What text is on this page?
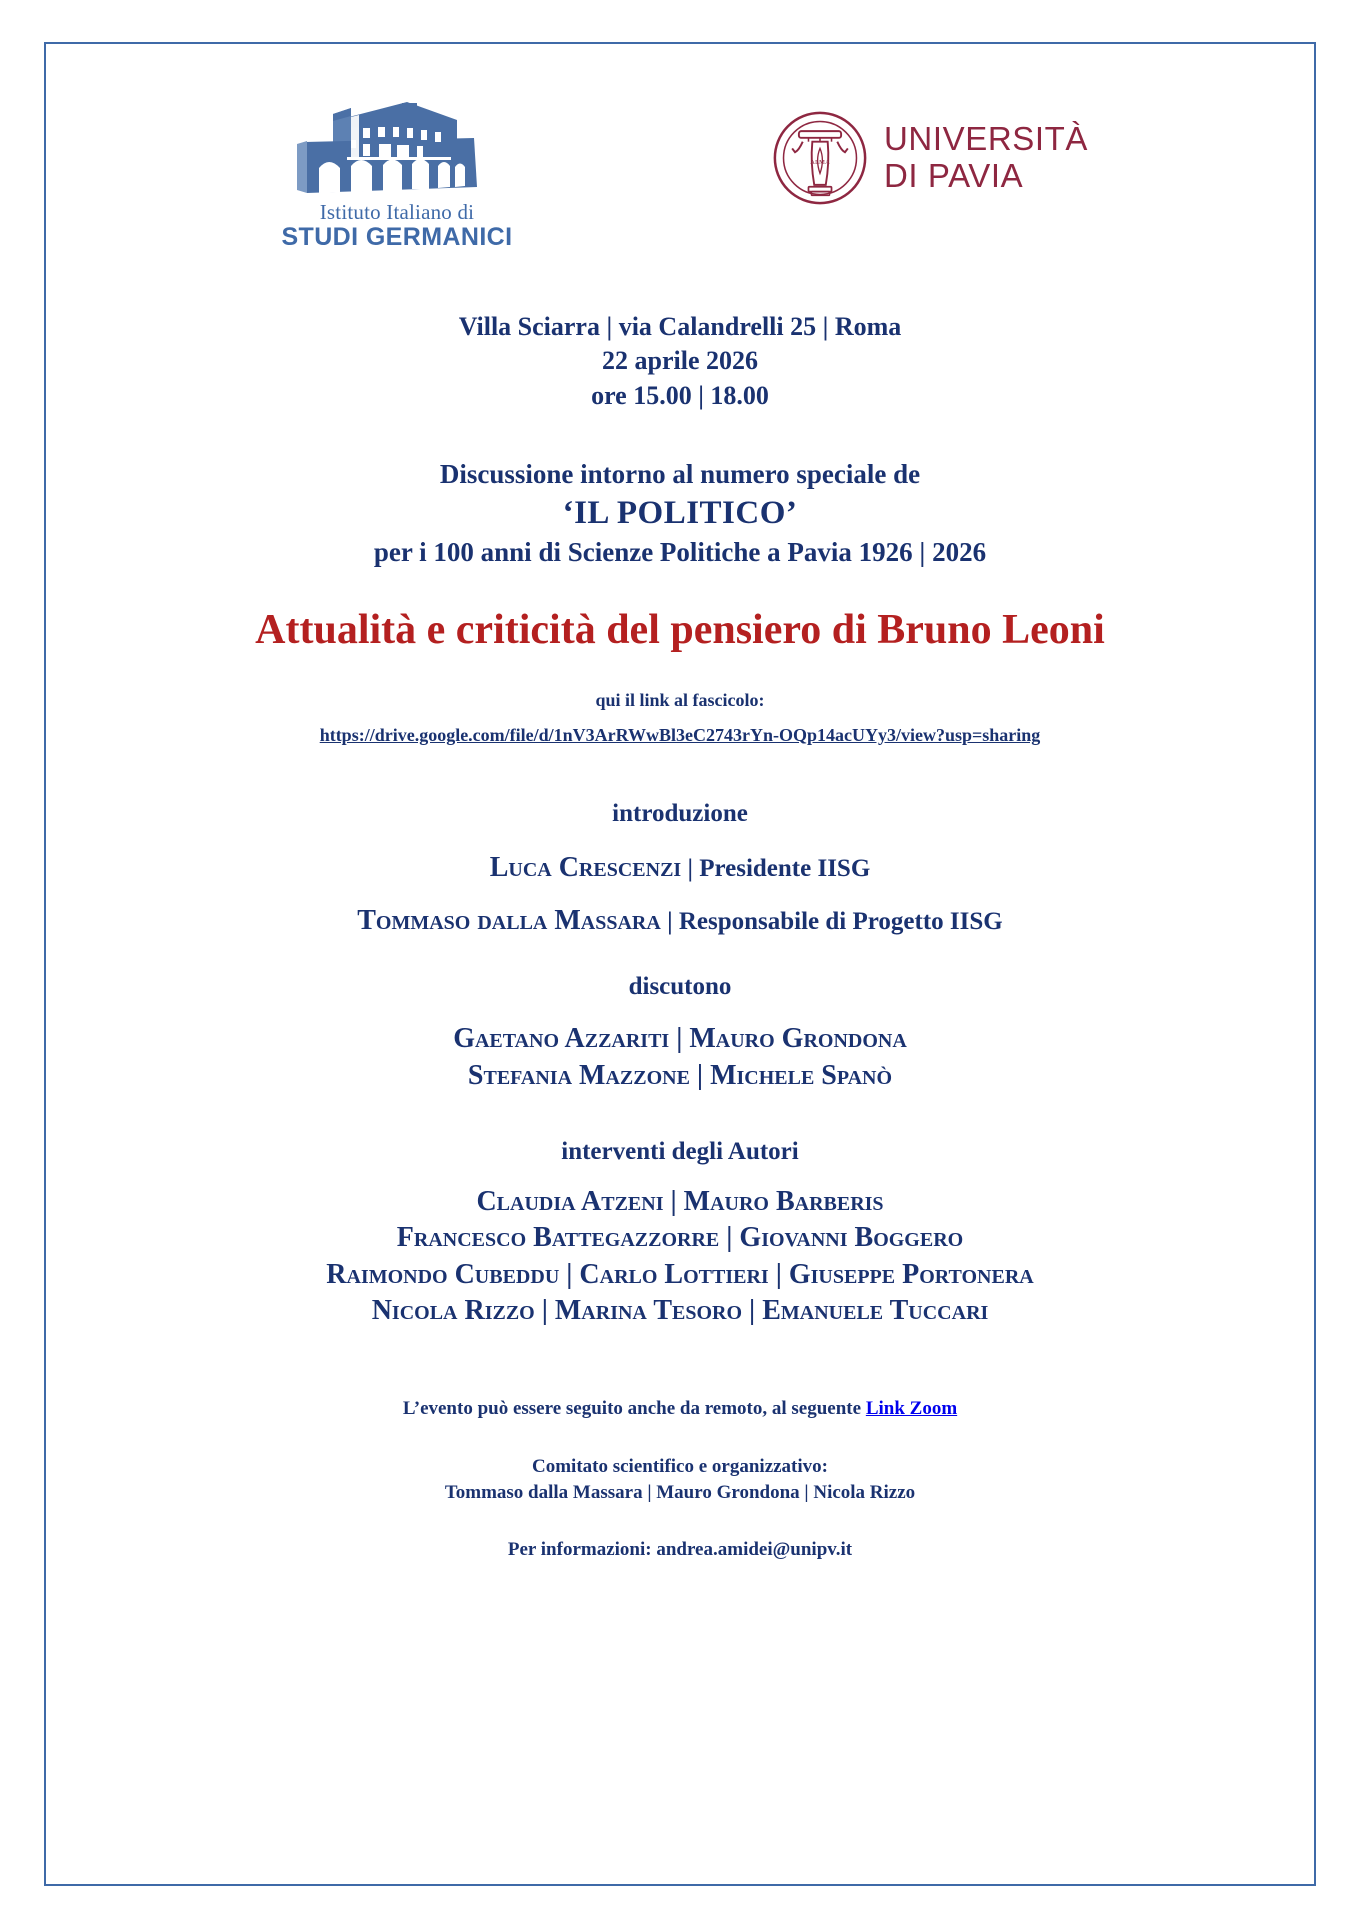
Istituto Italiano di
STUDI GERMANICI
ALMA
UNIVERSITÀ
DI PAVIA
Villa Sciarra | via Calandrelli 25 | Roma
22 aprile 2026
ore 15.00 | 18.00
Discussione intorno al numero speciale de
‘IL POLITICO’
per i 100 anni di Scienze Politiche a Pavia 1926 | 2026
Attualità e criticità del pensiero di Bruno Leoni
qui il link al fascicolo:
https://drive.google.com/file/d/1nV3ArRWwBl3eC2743rYn-OQp14acUYy3/view?usp=sharing
introduzione
Luca Crescenzi | Presidente IISG
Tommaso dalla Massara | Responsabile di Progetto IISG
discutono
Gaetano Azzariti | Mauro Grondona
Stefania Mazzone | Michele Spanò
interventi degli Autori
Claudia Atzeni | Mauro Barberis
Francesco Battegazzorre | Giovanni Boggero
Raimondo Cubeddu | Carlo Lottieri | Giuseppe Portonera
Nicola Rizzo | Marina Tesoro | Emanuele Tuccari
L’evento può essere seguito anche da remoto, al seguente Link Zoom
Comitato scientifico e organizzativo:
Tommaso dalla Massara | Mauro Grondona | Nicola Rizzo
Per informazioni: andrea.amidei@unipv.it
